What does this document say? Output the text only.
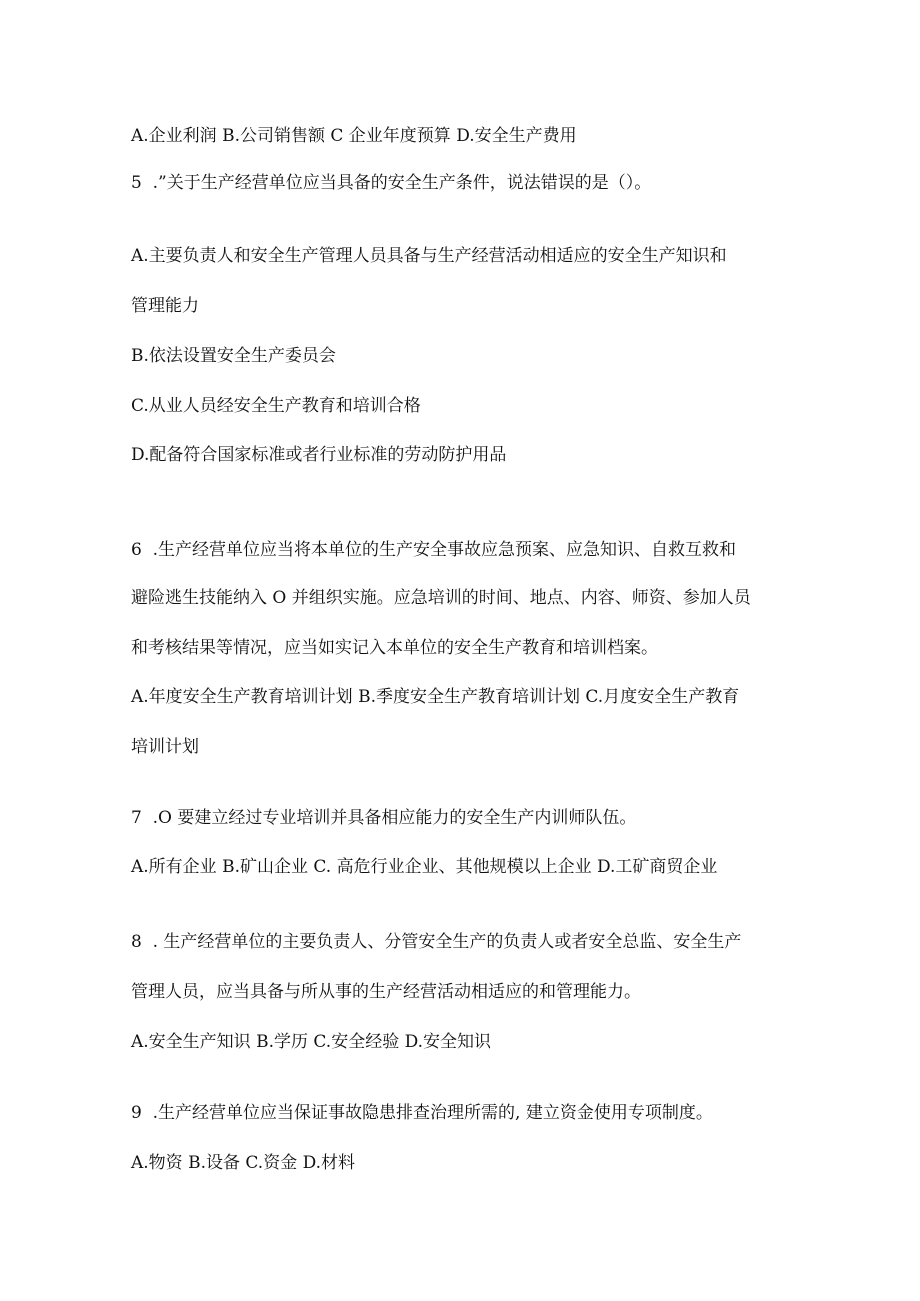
A.企业利润 B.公司销售额 C 企业年度预算 D.安全生产费用

5  .”关于生产经营单位应当具备的安全生产条件，说法错误的是（）。

A.主要负责人和安全生产管理人员具备与生产经营活动相适应的安全生产知识和

管理能力

B.依法设置安全生产委员会

C.从业人员经安全生产教育和培训合格

D.配备符合国家标准或者行业标准的劳动防护用品

6  .生产经营单位应当将本单位的生产安全事故应急预案、应急知识、自救互救和

避险逃生技能纳入 O 并组织实施。应急培训的时间、地点、内容、师资、参加人员

和考核结果等情况，应当如实记入本单位的安全生产教育和培训档案。

A.年度安全生产教育培训计划 B.季度安全生产教育培训计划 C.月度安全生产教育

培训计划

7  .O 要建立经过专业培训并具备相应能力的安全生产内训师队伍。

A.所有企业 B.矿山企业 C. 高危行业企业、其他规模以上企业 D.工矿商贸企业

8  . 生产经营单位的主要负责人、分管安全生产的负责人或者安全总监、安全生产

管理人员，应当具备与所从事的生产经营活动相适应的和管理能力。

A.安全生产知识 B.学历 C.安全经验 D.安全知识

9  .生产经营单位应当保证事故隐患排查治理所需的, 建立资金使用专项制度。

A.物资 B.设备 C.资金 D.材料
